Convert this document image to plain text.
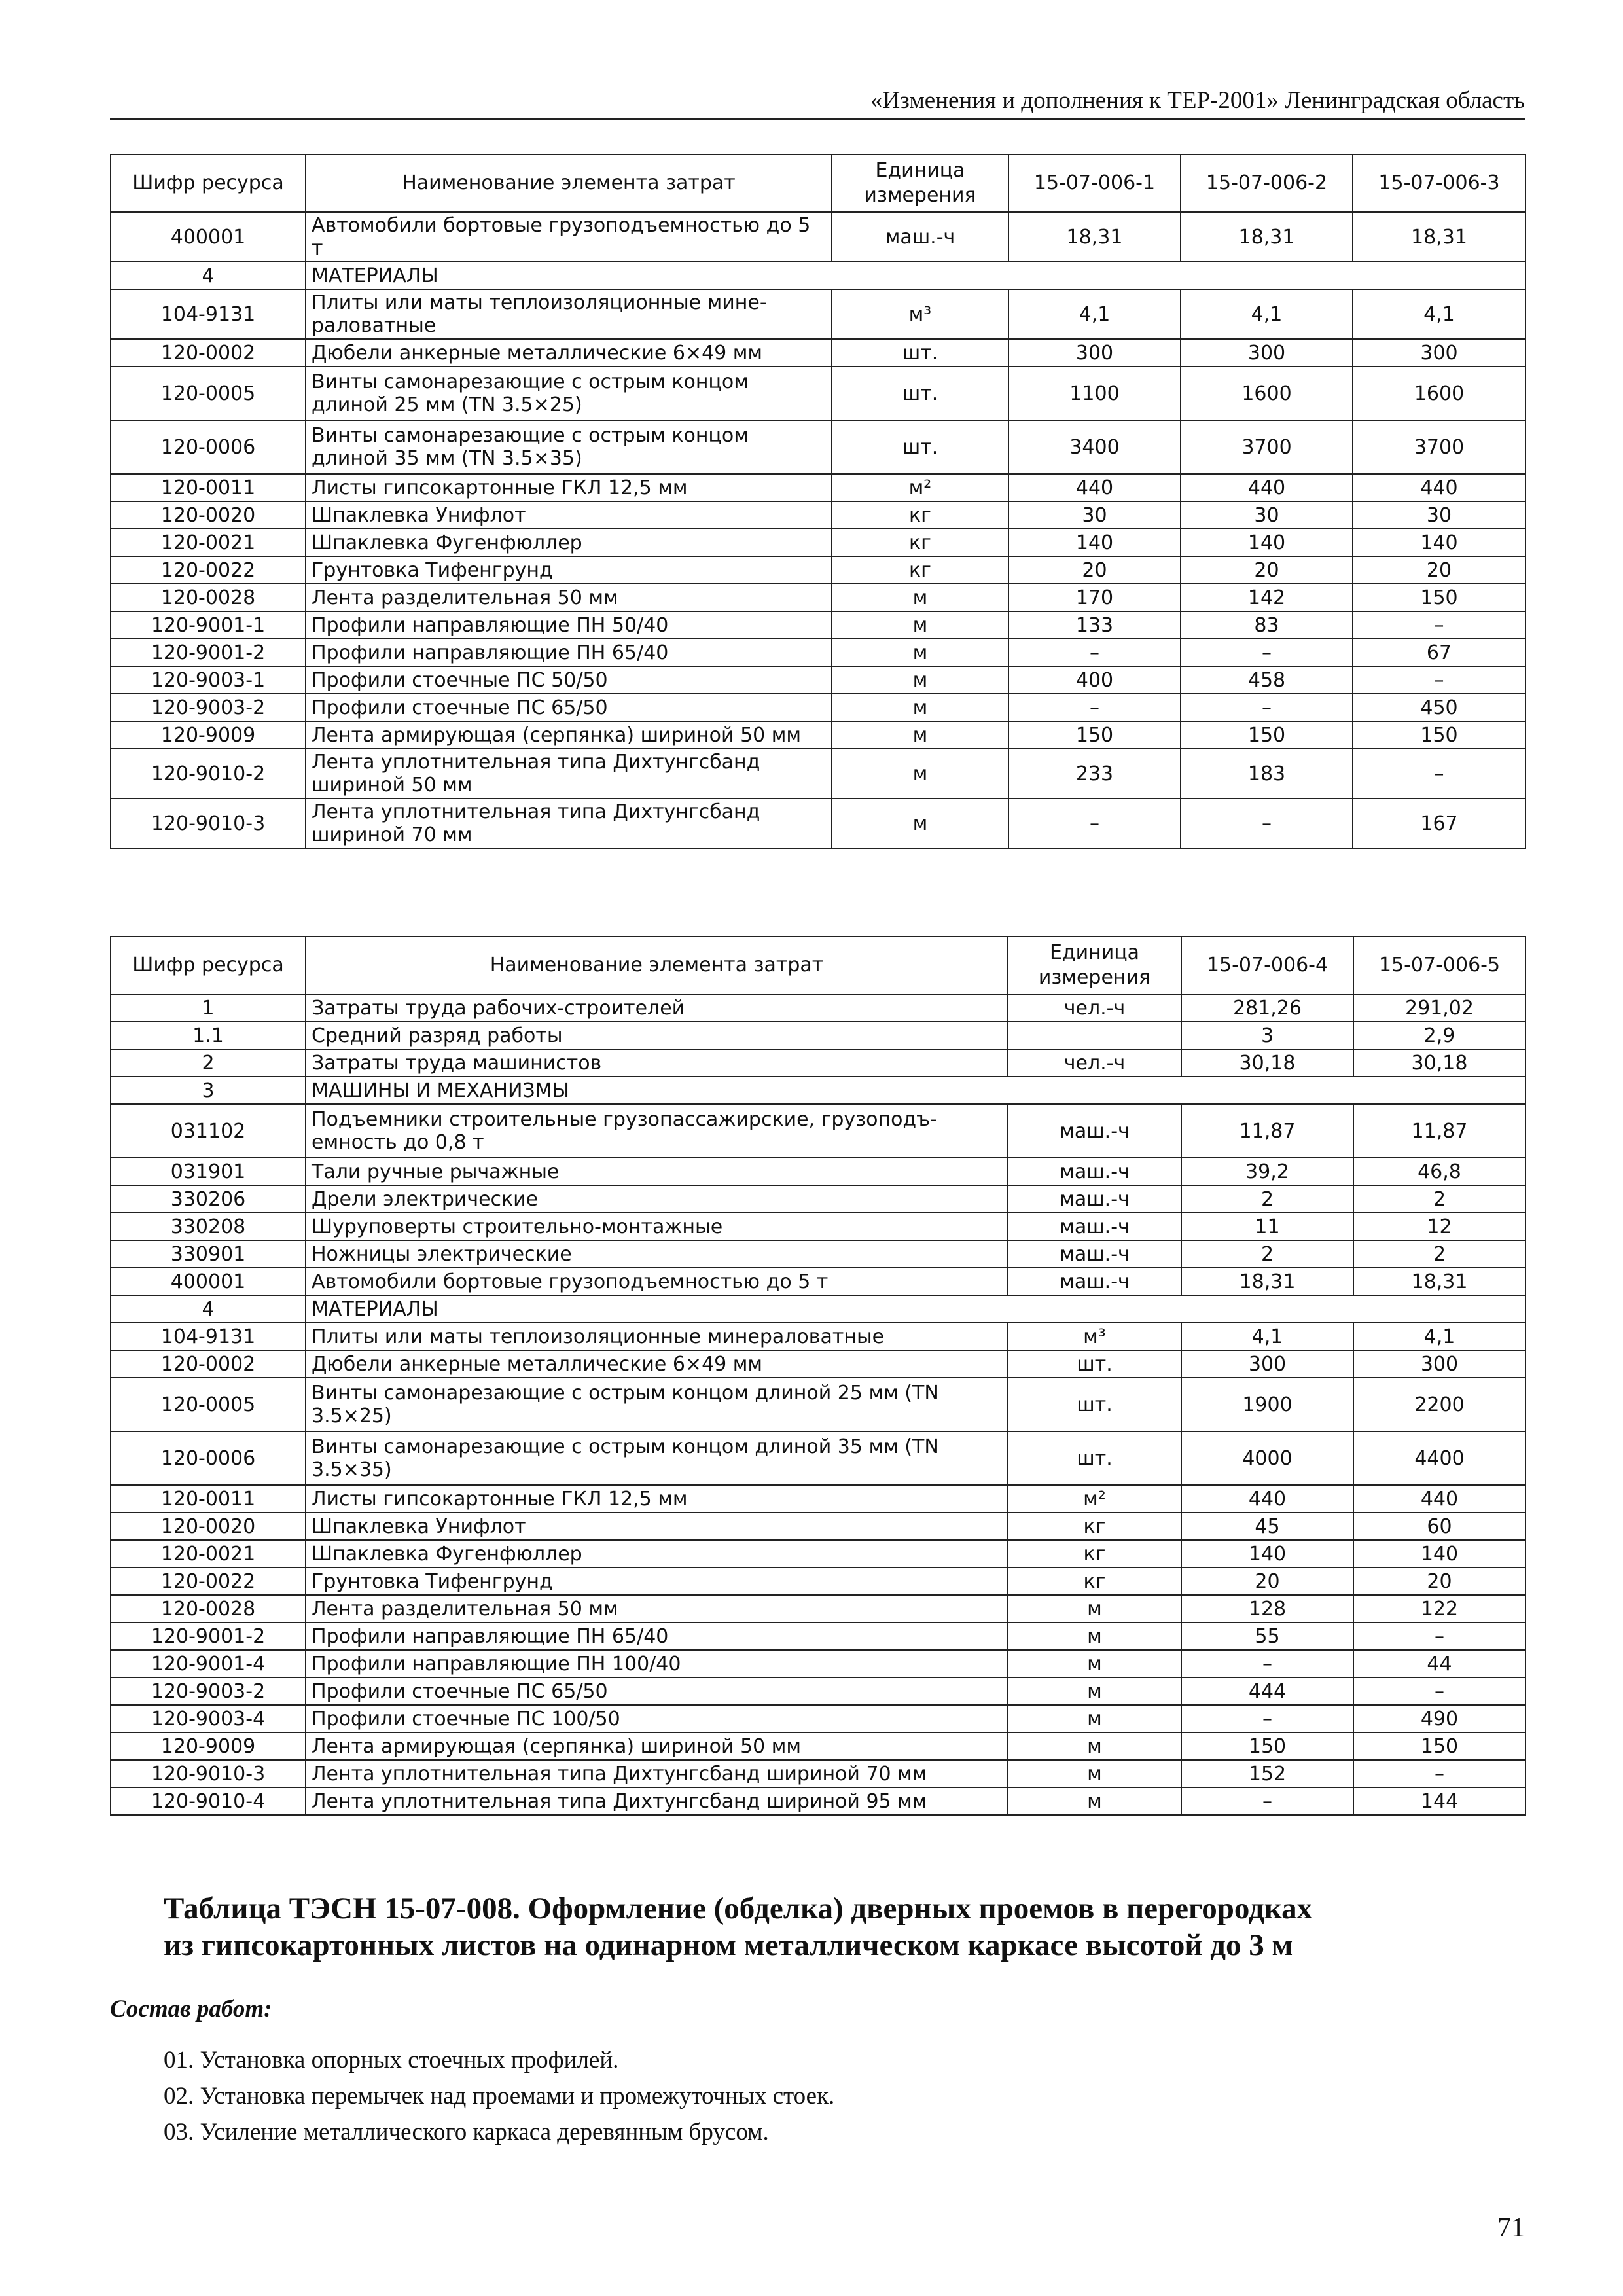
«Изменения и дополнения к ТЕР-2001» Ленинградская область
Шифр ресурса	Наименование элемента затрат	Единица измерения	15-07-006-1	15-07-006-2	15-07-006-3
400001	Автомобили бортовые грузоподъемностью до 5 т	маш.-ч	18,31	18,31	18,31
4	МАТЕРИАЛЫ				
104-9131	Плиты или маты теплоизоляционные мине-раловатные	м³	4,1	4,1	4,1
120-0002	Дюбели анкерные металлические 6×49 мм	шт.	300	300	300
120-0005	Винты самонарезающие с острым концом длиной 25 мм (TN 3.5×25)	шт.	1100	1600	1600
120-0006	Винты самонарезающие с острым концом длиной 35 мм (TN 3.5×35)	шт.	3400	3700	3700
120-0011	Листы гипсокартонные ГКЛ 12,5 мм	м²	440	440	440
120-0020	Шпаклевка Унифлот	кг	30	30	30
120-0021	Шпаклевка Фугенфюллер	кг	140	140	140
120-0022	Грунтовка Тифенгрунд	кг	20	20	20
120-0028	Лента разделительная 50 мм	м	170	142	150
120-9001-1	Профили направляющие ПН 50/40	м	133	83	–
120-9001-2	Профили направляющие ПН 65/40	м	–	–	67
120-9003-1	Профили стоечные ПС 50/50	м	400	458	–
120-9003-2	Профили стоечные ПС 65/50	м	–	–	450
120-9009	Лента армирующая (серпянка) шириной 50 мм	м	150	150	150
120-9010-2	Лента уплотнительная типа Дихтунгсбанд шириной 50 мм	м	233	183	–
120-9010-3	Лента уплотнительная типа Дихтунгсбанд шириной 70 мм	м	–	–	167
Шифр ресурса	Наименование элемента затрат	Единица измерения	15-07-006-4	15-07-006-5
1	Затраты труда рабочих-строителей	чел.-ч	281,26	291,02
1.1	Средний разряд работы		3	2,9
2	Затраты труда машинистов	чел.-ч	30,18	30,18
3	МАШИНЫ И МЕХАНИЗМЫ			
031102	Подъемники строительные грузопассажирские, грузоподъ-емность до 0,8 т	маш.-ч	11,87	11,87
031901	Тали ручные рычажные	маш.-ч	39,2	46,8
330206	Дрели электрические	маш.-ч	2	2
330208	Шуруповерты строительно-монтажные	маш.-ч	11	12
330901	Ножницы электрические	маш.-ч	2	2
400001	Автомобили бортовые грузоподъемностью до 5 т	маш.-ч	18,31	18,31
4	МАТЕРИАЛЫ			
104-9131	Плиты или маты теплоизоляционные минераловатные	м³	4,1	4,1
120-0002	Дюбели анкерные металлические 6×49 мм	шт.	300	300
120-0005	Винты самонарезающие с острым концом длиной 25 мм (TN 3.5×25)	шт.	1900	2200
120-0006	Винты самонарезающие с острым концом длиной 35 мм (TN 3.5×35)	шт.	4000	4400
120-0011	Листы гипсокартонные ГКЛ 12,5 мм	м²	440	440
120-0020	Шпаклевка Унифлот	кг	45	60
120-0021	Шпаклевка Фугенфюллер	кг	140	140
120-0022	Грунтовка Тифенгрунд	кг	20	20
120-0028	Лента разделительная 50 мм	м	128	122
120-9001-2	Профили направляющие ПН 65/40	м	55	–
120-9001-4	Профили направляющие ПН 100/40	м	–	44
120-9003-2	Профили стоечные ПС 65/50	м	444	–
120-9003-4	Профили стоечные ПС 100/50	м	–	490
120-9009	Лента армирующая (серпянка) шириной 50 мм	м	150	150
120-9010-3	Лента уплотнительная типа Дихтунгсбанд шириной 70 мм	м	152	–
120-9010-4	Лента уплотнительная типа Дихтунгсбанд шириной 95 мм	м	–	144
Таблица ТЭСН 15-07-008. Оформление (обделка) дверных проемов в перегородках
из гипсокартонных листов на одинарном металлическом каркасе высотой до 3 м
Состав работ:
01. Установка опорных стоечных профилей.
02. Установка перемычек над проемами и промежуточных стоек.
03. Усиление металлического каркаса деревянным брусом.
71
